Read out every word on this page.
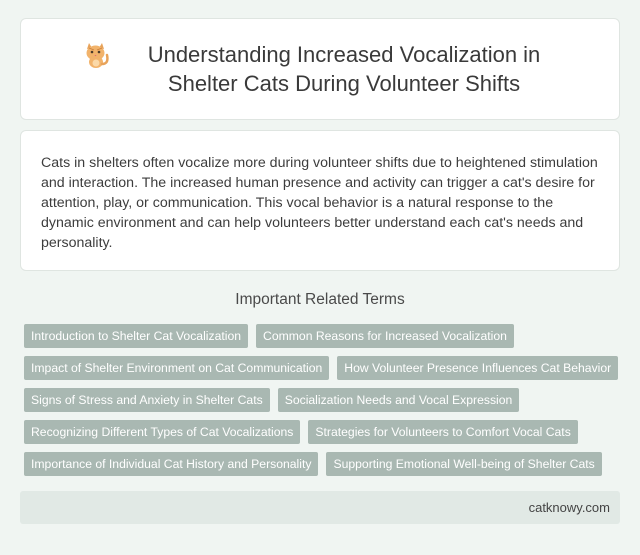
Understanding Increased Vocalization in Shelter Cats During Volunteer Shifts

Cats in shelters often vocalize more during volunteer shifts due to heightened stimulation and interaction. The increased human presence and activity can trigger a cat's desire for attention, play, or communication. This vocal behavior is a natural response to the dynamic environment and can help volunteers better understand each cat's needs and personality.

Important Related Terms
Introduction to Shelter Cat Vocalization	Common Reasons for Increased Vocalization
Impact of Shelter Environment on Cat Communication	How Volunteer Presence Influences Cat Behavior
Signs of Stress and Anxiety in Shelter Cats	Socialization Needs and Vocal Expression
Recognizing Different Types of Cat Vocalizations	Strategies for Volunteers to Comfort Vocal Cats
Importance of Individual Cat History and Personality	Supporting Emotional Well-being of Shelter Cats
catknowy.com
